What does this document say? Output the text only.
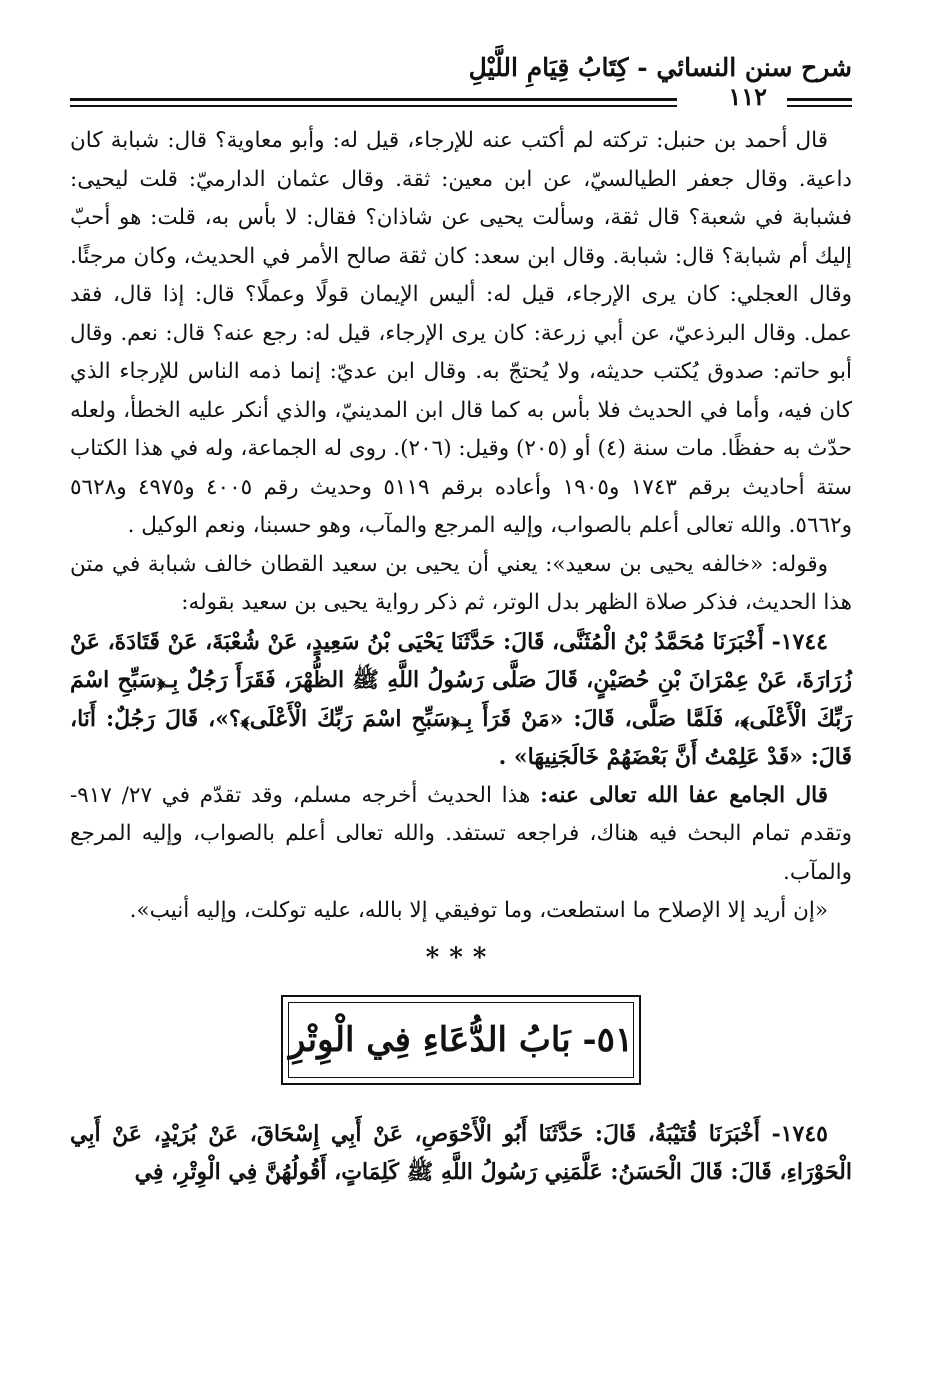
شرح سنن النسائي - كِتَابُ قِيَامِ اللَّيْلِ
١١٢

قال أحمد بن حنبل: تركته لم أكتب عنه للإرجاء، قيل له: وأبو معاوية؟ قال: شبابة كان داعية. وقال جعفر الطيالسيّ، عن ابن معين: ثقة. وقال عثمان الدارميّ: قلت ليحيى: فشبابة في شعبة؟ قال ثقة، وسألت يحيى عن شاذان؟ فقال: لا بأس به، قلت: هو أحبّ إليك أم شبابة؟ قال: شبابة. وقال ابن سعد: كان ثقة صالح الأمر في الحديث، وكان مرجئًا. وقال العجلي: كان يرى الإرجاء، قيل له: أليس الإيمان قولًا وعملًا؟ قال: إذا قال، فقد عمل. وقال البرذعيّ، عن أبي زرعة: كان يرى الإرجاء، قيل له: رجع عنه؟ قال: نعم. وقال أبو حاتم: صدوق يُكتب حديثه، ولا يُحتجّ به. وقال ابن عديّ: إنما ذمه الناس للإرجاء الذي كان فيه، وأما في الحديث فلا بأس به كما قال ابن المدينيّ، والذي أنكر عليه الخطأ، ولعله حدّث به حفظًا. مات سنة (٤) أو (٢٠٥) وقيل: (٢٠٦). روى له الجماعة، وله في هذا الكتاب ستة أحاديث برقم ١٧٤٣ و١٩٠٥ وأعاده برقم ٥١١٩ وحديث رقم ٤٠٠٥ و٤٩٧٥ و٥٦٢٨ و٥٦٦٢. والله تعالى أعلم بالصواب، وإليه المرجع والمآب، وهو حسبنا، ونعم الوكيل .

وقوله: «خالفه يحيى بن سعيد»: يعني أن يحيى بن سعيد القطان خالف شبابة في متن هذا الحديث، فذكر صلاة الظهر بدل الوتر، ثم ذكر رواية يحيى بن سعيد بقوله:

١٧٤٤- أَخْبَرَنَا مُحَمَّدُ بْنُ الْمُثَنَّى، قَالَ: حَدَّثَنَا يَحْيَى بْنُ سَعِيدٍ، عَنْ شُعْبَةَ، عَنْ قَتَادَةَ، عَنْ زُرَارَةَ، عَنْ عِمْرَانَ بْنِ حُصَيْنٍ، قَالَ صَلَّى رَسُولُ اللَّهِ ﷺ الظُّهْرَ، فَقَرَأَ رَجُلٌ بِـ﴿سَبِّحِ اسْمَ رَبِّكَ الْأَعْلَى﴾، فَلَمَّا صَلَّى، قَالَ: «مَنْ قَرَأَ بِـ﴿سَبِّحِ اسْمَ رَبِّكَ الْأَعْلَى﴾؟»، قَالَ رَجُلٌ: أَنَا، قَالَ: «قَدْ عَلِمْتُ أَنَّ بَعْضَهُمْ خَالَجَنِيهَا» .

قال الجامع عفا الله تعالى عنه: هذا الحديث أخرجه مسلم، وقد تقدّم في ٢٧/ ٩١٧- وتقدم تمام البحث فيه هناك، فراجعه تستفد. والله تعالى أعلم بالصواب، وإليه المرجع والمآب.

«إن أريد إلا الإصلاح ما استطعت، وما توفيقي إلا بالله، عليه توكلت، وإليه أنيب».

***
٥١- بَابُ الدُّعَاءِ فِي الْوِتْرِ

١٧٤٥- أَخْبَرَنَا قُتَيْبَةُ، قَالَ: حَدَّثَنَا أَبُو الْأَحْوَصِ، عَنْ أَبِي إِسْحَاقَ، عَنْ بُرَيْدٍ، عَنْ أَبِي الْحَوْرَاءِ، قَالَ: قَالَ الْحَسَنُ: عَلَّمَنِي رَسُولُ اللَّهِ ﷺ كَلِمَاتٍ، أَقُولُهُنَّ فِي الْوِتْرِ، فِي
